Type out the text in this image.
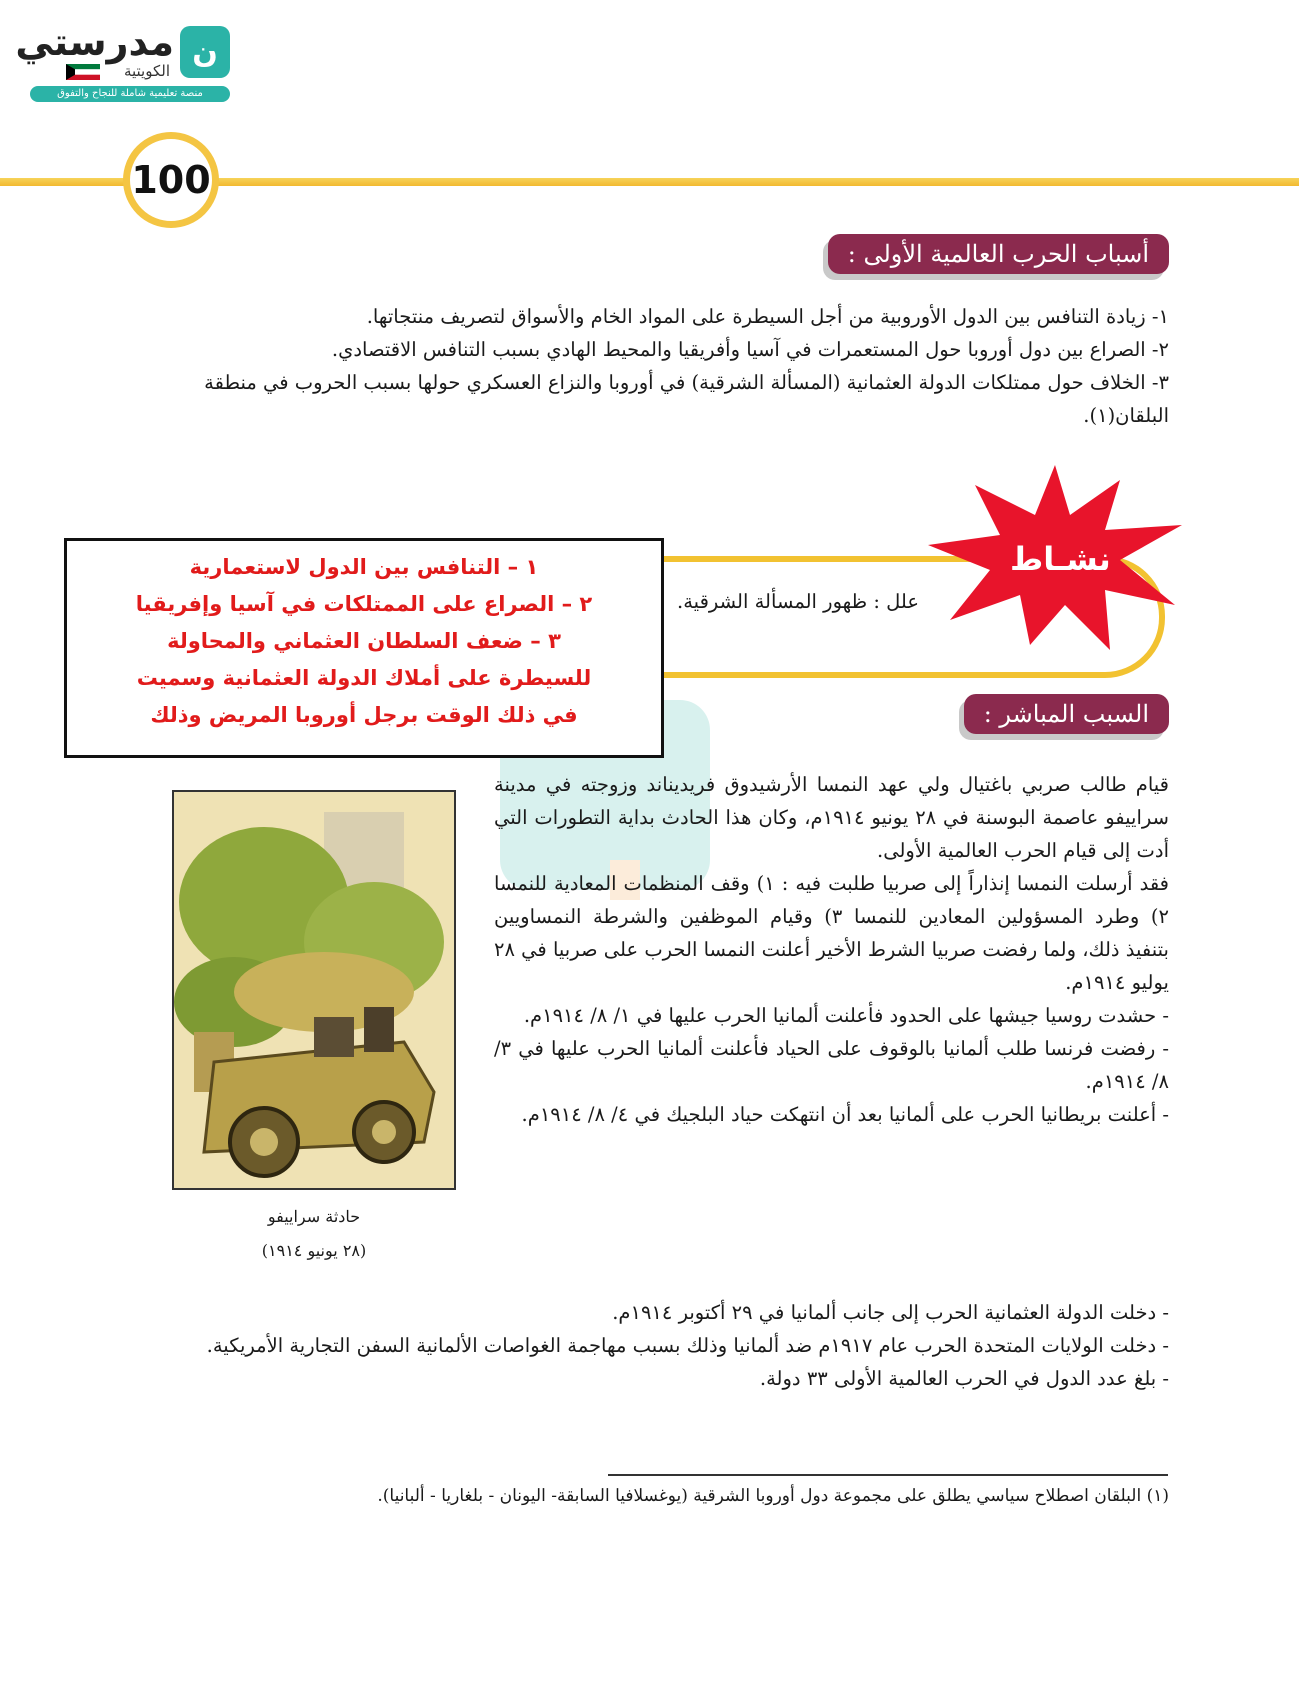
ن
مدرستي
الكويتية
منصة تعليمية شاملة للنجاح والتفوق
100
أسباب الحرب العالمية الأولى :
١- زيادة التنافس بين الدول الأوروبية من أجل السيطرة على المواد الخام والأسواق لتصريف منتجاتها.
٢- الصراع بين دول أوروبا حول المستعمرات في آسيا وأفريقيا والمحيط الهادي بسبب التنافس الاقتصادي.
٣- الخلاف حول ممتلكات الدولة العثمانية (المسألة الشرقية) في أوروبا والنزاع العسكري حولها بسبب الحروب في منطقة البلقان(١).
نشـاط
علل : ظهور المسألة الشرقية.
١ – التنافس بين الدول لاستعمارية
٢ – الصراع على الممتلكات في آسيا وإفريقيا
٣ – ضعف السلطان العثماني والمحاولة
للسيطرة على أملاك الدولة العثمانية وسميت
في ذلك الوقت برجل أوروبا المريض وذلك	السبب المباشر :
قيام طالب صربي باغتيال ولي عهد النمسا الأرشيدوق فريديناند وزوجته في مدينة سراييفو عاصمة البوسنة في ٢٨ يونيو ١٩١٤م، وكان هذا الحادث بداية التطورات التي أدت إلى قيام الحرب العالمية الأولى.
فقد أرسلت النمسا إنذاراً إلى صربيا طلبت فيه : ١) وقف المنظمات المعادية للنمسا ٢) وطرد المسؤولين المعادين للنمسا ٣) وقيام الموظفين والشرطة النمساويين بتنفيذ ذلك، ولما رفضت صربيا الشرط الأخير أعلنت النمسا الحرب على صربيا في ٢٨ يوليو ١٩١٤م.
- حشدت روسيا جيشها على الحدود فأعلنت ألمانيا الحرب عليها في ١/ ٨/ ١٩١٤م.
- رفضت فرنسا طلب ألمانيا بالوقوف على الحياد فأعلنت ألمانيا الحرب عليها في ٣/ ٨/ ١٩١٤م.
- أعلنت بريطانيا الحرب على ألمانيا بعد أن انتهكت حياد البلجيك في ٤/ ٨/ ١٩١٤م.
- دخلت الدولة العثمانية الحرب إلى جانب ألمانيا في ٢٩ أكتوبر ١٩١٤م.
- دخلت الولايات المتحدة الحرب عام ١٩١٧م ضد ألمانيا وذلك بسبب مهاجمة الغواصات الألمانية السفن التجارية الأمريكية.
- بلغ عدد الدول في الحرب العالمية الأولى ٣٣ دولة.
حادثة سراييفو
(٢٨ يونيو ١٩١٤)
(١) البلقان اصطلاح سياسي يطلق على مجموعة دول أوروبا الشرقية (يوغسلافيا السابقة- اليونان - بلغاريا - ألبانيا).
